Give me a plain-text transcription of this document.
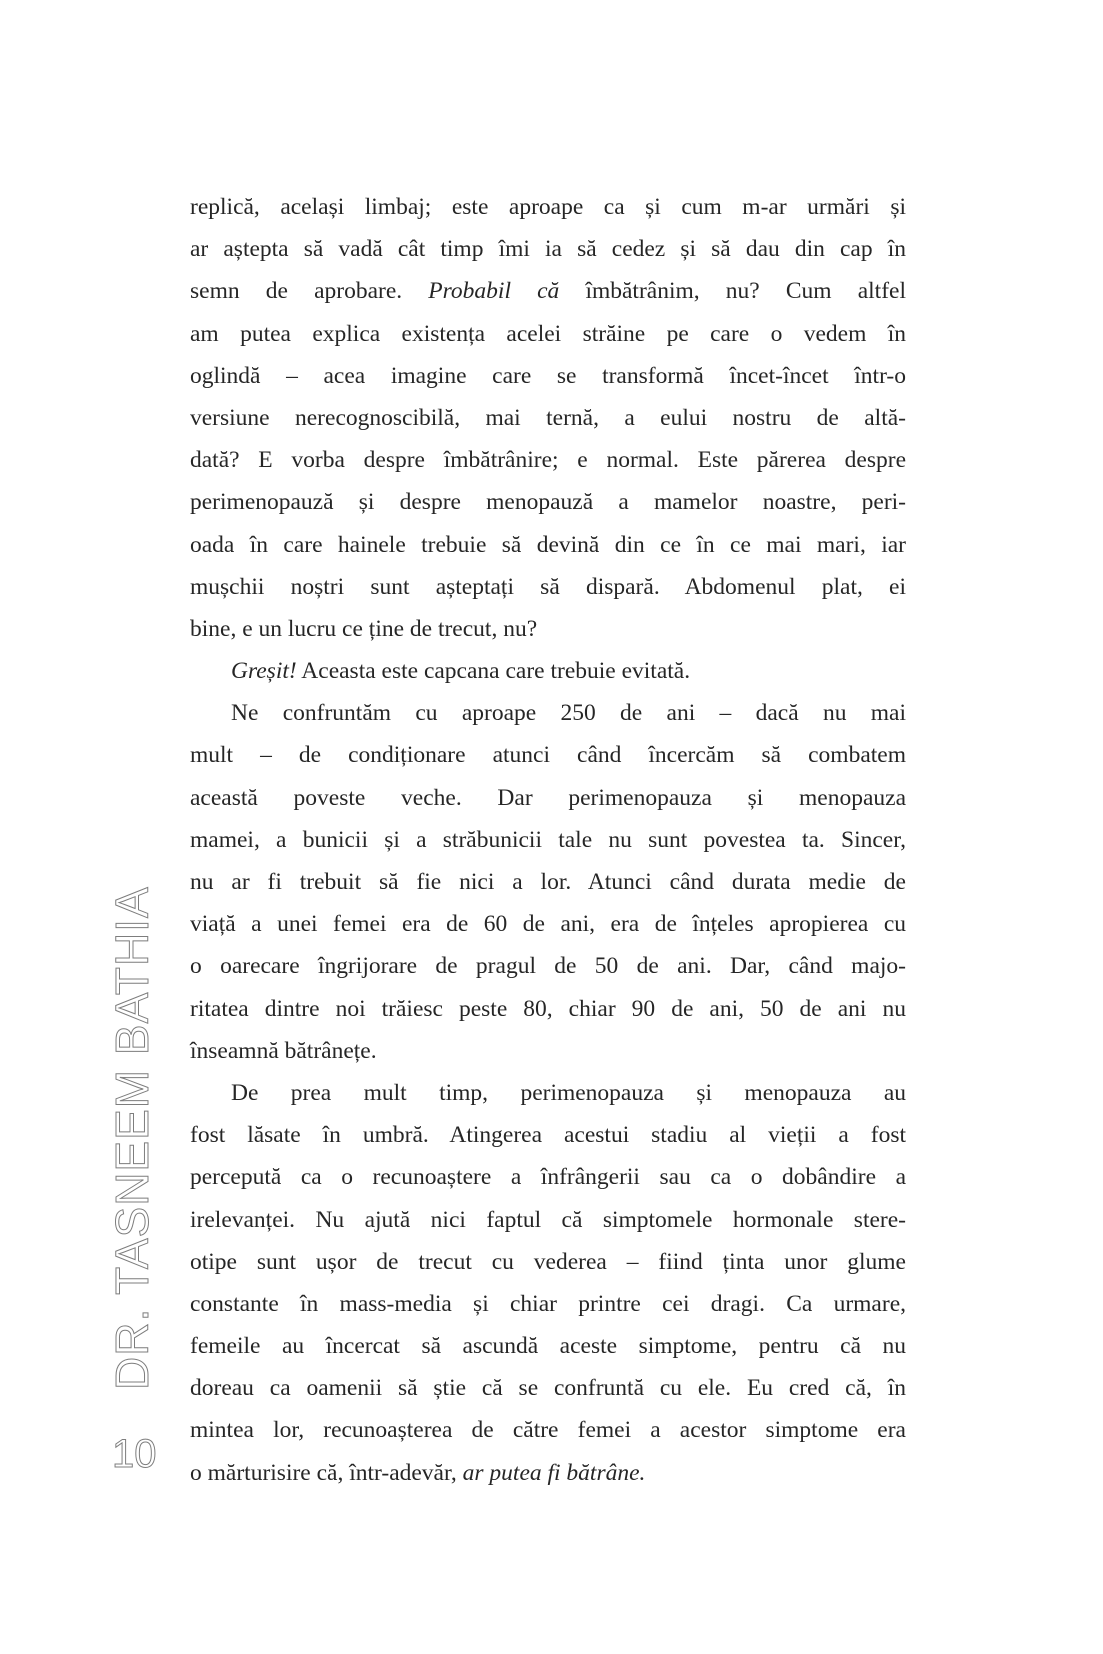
DR. TASNEEM BATHIA
10
replică, același limbaj; este aproape ca și cum m-ar urmări și
ar aștepta să vadă cât timp îmi ia să cedez și să dau din cap în
semn de aprobare. Probabil că îmbătrânim, nu? Cum altfel
am putea explica existența acelei străine pe care o vedem în
oglindă – acea imagine care se transformă încet-încet într-o
versiune nerecognoscibilă, mai ternă, a eului nostru de altă-
dată? E vorba despre îmbătrânire; e normal. Este părerea despre
perimenopauză și despre menopauză a mamelor noastre, peri-
oada în care hainele trebuie să devină din ce în ce mai mari, iar
mușchii noștri sunt așteptați să dispară. Abdomenul plat, ei
bine, e un lucru ce ține de trecut, nu?
Greșit! Aceasta este capcana care trebuie evitată.
Ne confruntăm cu aproape 250 de ani – dacă nu mai
mult – de condiționare atunci când încercăm să combatem
această poveste veche. Dar perimenopauza și menopauza
mamei, a bunicii și a străbunicii tale nu sunt povestea ta. Sincer,
nu ar fi trebuit să fie nici a lor. Atunci când durata medie de
viață a unei femei era de 60 de ani, era de înțeles apropierea cu
o oarecare îngrijorare de pragul de 50 de ani. Dar, când majo-
ritatea dintre noi trăiesc peste 80, chiar 90 de ani, 50 de ani nu
înseamnă bătrânețe.
De prea mult timp, perimenopauza și menopauza au
fost lăsate în umbră. Atingerea acestui stadiu al vieții a fost
percepută ca o recunoaștere a înfrângerii sau ca o dobândire a
irelevanței. Nu ajută nici faptul că simptomele hormonale stere-
otipe sunt ușor de trecut cu vederea – fiind ținta unor glume
constante în mass-media și chiar printre cei dragi. Ca urmare,
femeile au încercat să ascundă aceste simptome, pentru că nu
doreau ca oamenii să știe că se confruntă cu ele. Eu cred că, în
mintea lor, recunoașterea de către femei a acestor simptome era
o mărturisire că, într-adevăr, ar putea fi bătrâne.
